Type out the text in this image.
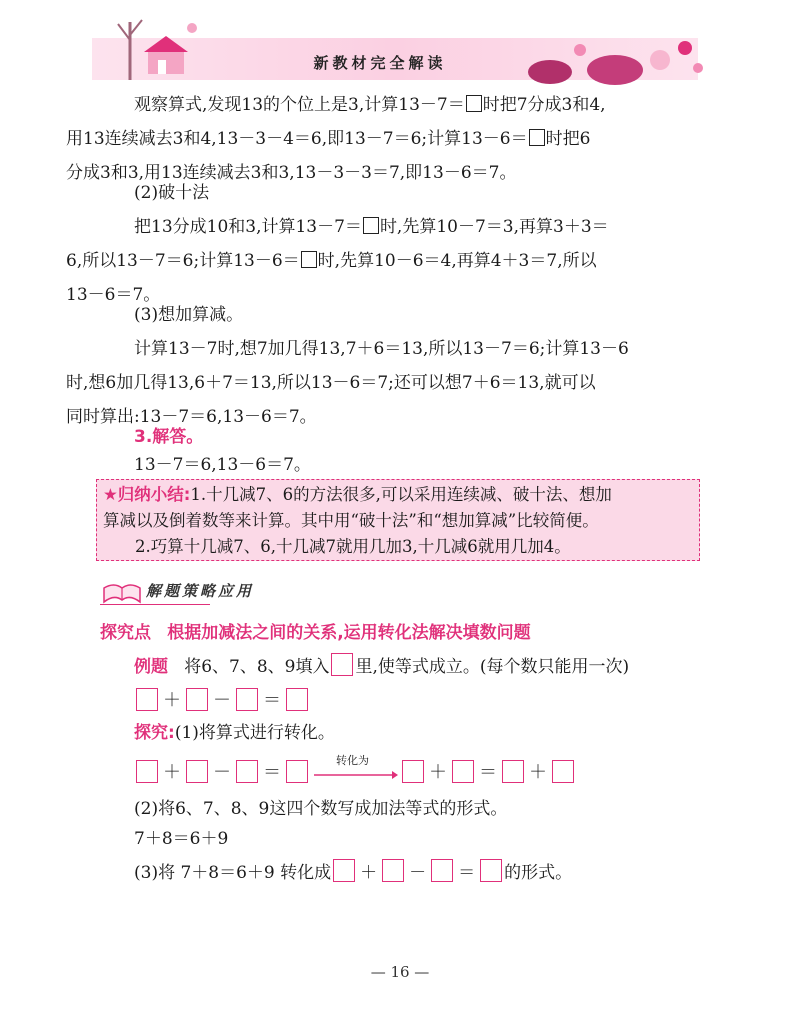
新教材完全解读

观察算式,发现13的个位上是3,计算13－7＝ 时把7分成3和4,
用13连续减去3和4,13－3－4＝6,即13－7＝6;计算13－6＝ 时把6
分成3和3,用13连续减去3和3,13－3－3＝7,即13－6＝7。

(2)破十法

把13分成10和3,计算13－7＝ 时,先算10－7＝3,再算3＋3＝
6,所以13－7＝6;计算13－6＝ 时,先算10－6＝4,再算4＋3＝7,所以
13－6＝7。

(3)想加算减。

计算13－7时,想7加几得13,7＋6＝13,所以13－7＝6;计算13－6
时,想6加几得13,6＋7＝13,所以13－6＝7;还可以想7＋6＝13,就可以
同时算出:13－7＝6,13－6＝7。

3.解答。

13－7＝6,13－6＝7。

★归纳小结:1.十几减7、6的方法很多,可以采用连续减、破十法、想加

算减以及倒着数等来计算。其中用“破十法”和“想加算减”比较简便。

2.巧算十几减7、6,十几减7就用几加3,十几减6就用几加4。

解题策略应用

探究点 根据加减法之间的关系,运用转化法解决填数问题

例题 将6、7、8、9填入 里,使等式成立。(每个数只能用一次)

＋ － ＝

探究:(1)将算式进行转化。

＋ － ＝
转化为
＋ ＝ ＋

(2)将6、7、8、9这四个数写成加法等式的形式。

7＋8＝6＋9

(3)将 7＋8＝6＋9 转化成 ＋ － ＝ 的形式。
— 16 —
